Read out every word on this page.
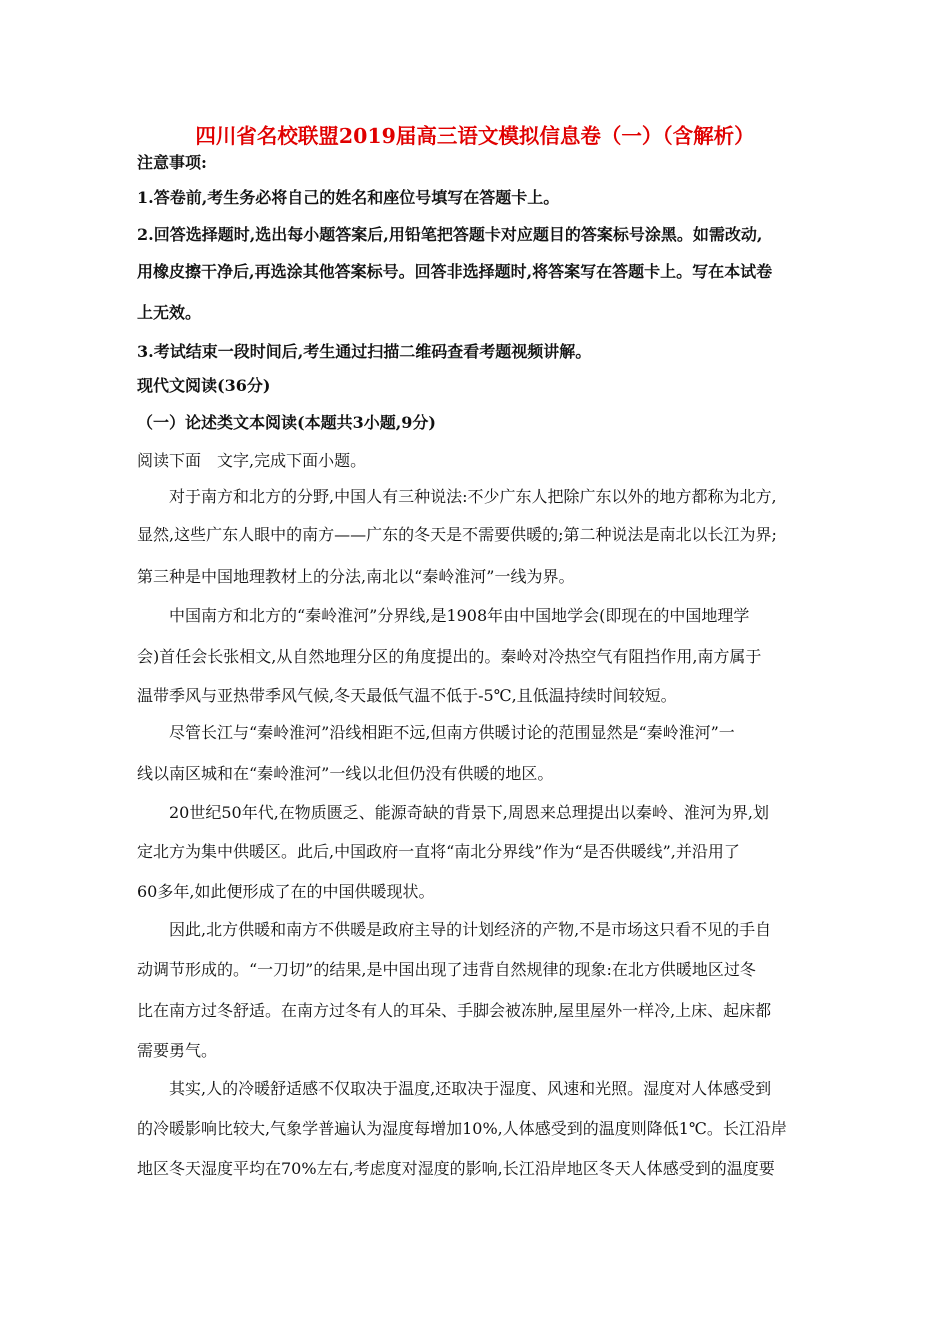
四川省名校联盟2019届高三语文模拟信息卷（一）（含解析）
注意事项:
1.答卷前,考生务必将自己的姓名和座位号填写在答题卡上。
2.回答选择题时,选出每小题答案后,用铅笔把答题卡对应题目的答案标号涂黑。如需改动,
用橡皮擦干净后,再选涂其他答案标号。回答非选择题时,将答案写在答题卡上。写在本试卷
上无效。
3.考试结束一段时间后,考生通过扫描二维码查看考题视频讲解。
现代文阅读(36分)
（一）论述类文本阅读(本题共3小题,9分)
阅读下面　文字,完成下面小题。
对于南方和北方的分野,中国人有三种说法:不少广东人把除广东以外的地方都称为北方,
显然,这些广东人眼中的南方——广东的冬天是不需要供暖的;第二种说法是南北以长江为界;
第三种是中国地理教材上的分法,南北以“秦岭淮河”一线为界。
中国南方和北方的“秦岭淮河”分界线,是1908年由中国地学会(即现在的中国地理学
会)首任会长张相文,从自然地理分区的角度提出的。秦岭对冷热空气有阻挡作用,南方属于
温带季风与亚热带季风气候,冬天最低气温不低于-5℃,且低温持续时间较短。
尽管长江与“秦岭淮河”沿线相距不远,但南方供暖讨论的范围显然是“秦岭淮河”一
线以南区城和在“秦岭淮河”一线以北但仍没有供暖的地区。
20世纪50年代,在物质匮乏、能源奇缺的背景下,周恩来总理提出以秦岭、淮河为界,划
定北方为集中供暖区。此后,中国政府一直将“南北分界线”作为“是否供暖线”,并沿用了
60多年,如此便形成了在的中国供暖现状。
因此,北方供暖和南方不供暖是政府主导的计划经济的产物,不是市场这只看不见的手自
动调节形成的。“一刀切”的结果,是中国出现了违背自然规律的现象:在北方供暖地区过冬
比在南方过冬舒适。在南方过冬有人的耳朵、手脚会被冻肿,屋里屋外一样冷,上床、起床都
需要勇气。
其实,人的冷暖舒适感不仅取决于温度,还取决于湿度、风速和光照。湿度对人体感受到
的冷暖影响比较大,气象学普遍认为湿度每增加10%,人体感受到的温度则降低1℃。长江沿岸
地区冬天湿度平均在70%左右,考虑度对湿度的影响,长江沿岸地区冬天人体感受到的温度要
